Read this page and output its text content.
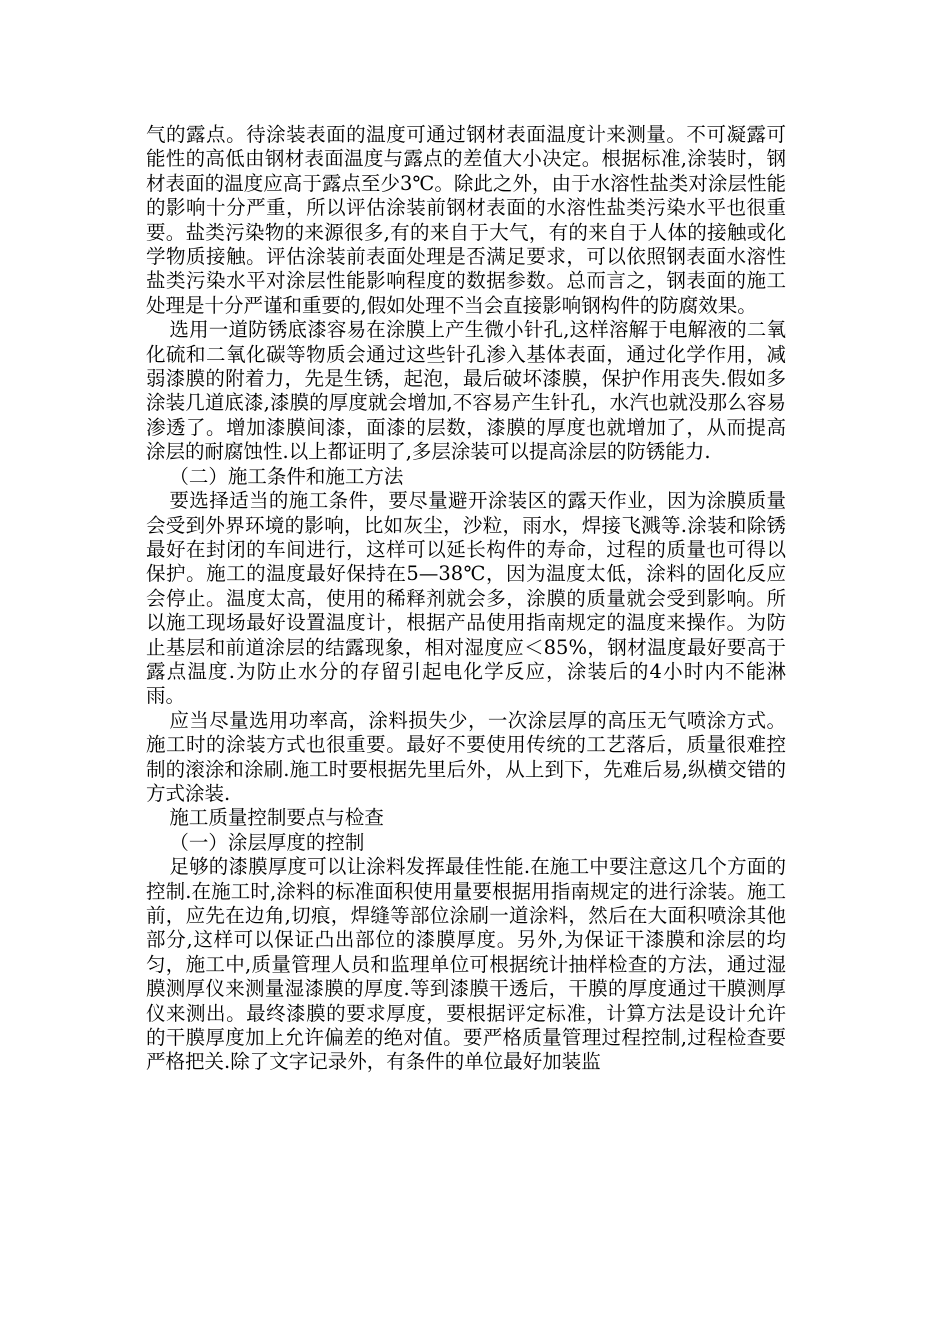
气的露点。待涂装表面的温度可通过钢材表面温度计来测量。不可凝露可能性的高低由钢材表面温度与露点的差值大小决定。根据标准,涂装时，钢材表面的温度应高于露点至少3℃。除此之外，由于水溶性盐类对涂层性能的影响十分严重，所以评估涂装前钢材表面的水溶性盐类污染水平也很重要。盐类污染物的来源很多,有的来自于大气，有的来自于人体的接触或化学物质接触。评估涂装前表面处理是否满足要求，可以依照钢表面水溶性盐类污染水平对涂层性能影响程度的数据参数。总而言之，钢表面的施工处理是十分严谨和重要的,假如处理不当会直接影响钢构件的防腐效果。

选用一道防锈底漆容易在涂膜上产生微小针孔,这样溶解于电解液的二氧化硫和二氧化碳等物质会通过这些针孔渗入基体表面，通过化学作用，减弱漆膜的附着力，先是生锈，起泡，最后破坏漆膜，保护作用丧失.假如多涂装几道底漆,漆膜的厚度就会增加,不容易产生针孔，水汽也就没那么容易渗透了。增加漆膜间漆，面漆的层数，漆膜的厚度也就增加了，从而提高涂层的耐腐蚀性.以上都证明了,多层涂装可以提高涂层的防锈能力.

（二）施工条件和施工方法

要选择适当的施工条件，要尽量避开涂装区的露天作业，因为涂膜质量会受到外界环境的影响，比如灰尘，沙粒，雨水，焊接飞溅等.涂装和除锈最好在封闭的车间进行，这样可以延长构件的寿命，过程的质量也可得以保护。施工的温度最好保持在5—38℃，因为温度太低，涂料的固化反应会停止。温度太高，使用的稀释剂就会多，涂膜的质量就会受到影响。所以施工现场最好设置温度计，根据产品使用指南规定的温度来操作。为防止基层和前道涂层的结露现象，相对湿度应＜85%，钢材温度最好要高于露点温度.为防止水分的存留引起电化学反应，涂装后的4小时内不能淋雨。

应当尽量选用功率高，涂料损失少，一次涂层厚的高压无气喷涂方式。施工时的涂装方式也很重要。最好不要使用传统的工艺落后，质量很难控制的滚涂和涂刷.施工时要根据先里后外，从上到下，先难后易,纵横交错的方式涂装.

施工质量控制要点与检查

（一）涂层厚度的控制

足够的漆膜厚度可以让涂料发挥最佳性能.在施工中要注意这几个方面的控制.在施工时,涂料的标准面积使用量要根据用指南规定的进行涂装。施工前，应先在边角,切痕，焊缝等部位涂刷一道涂料，然后在大面积喷涂其他部分,这样可以保证凸出部位的漆膜厚度。另外,为保证干漆膜和涂层的均匀，施工中,质量管理人员和监理单位可根据统计抽样检查的方法，通过湿膜测厚仪来测量湿漆膜的厚度.等到漆膜干透后，干膜的厚度通过干膜测厚仪来测出。最终漆膜的要求厚度，要根据评定标准，计算方法是设计允许的干膜厚度加上允许偏差的绝对值。要严格质量管理过程控制,过程检查要严格把关.除了文字记录外，有条件的单位最好加装监
